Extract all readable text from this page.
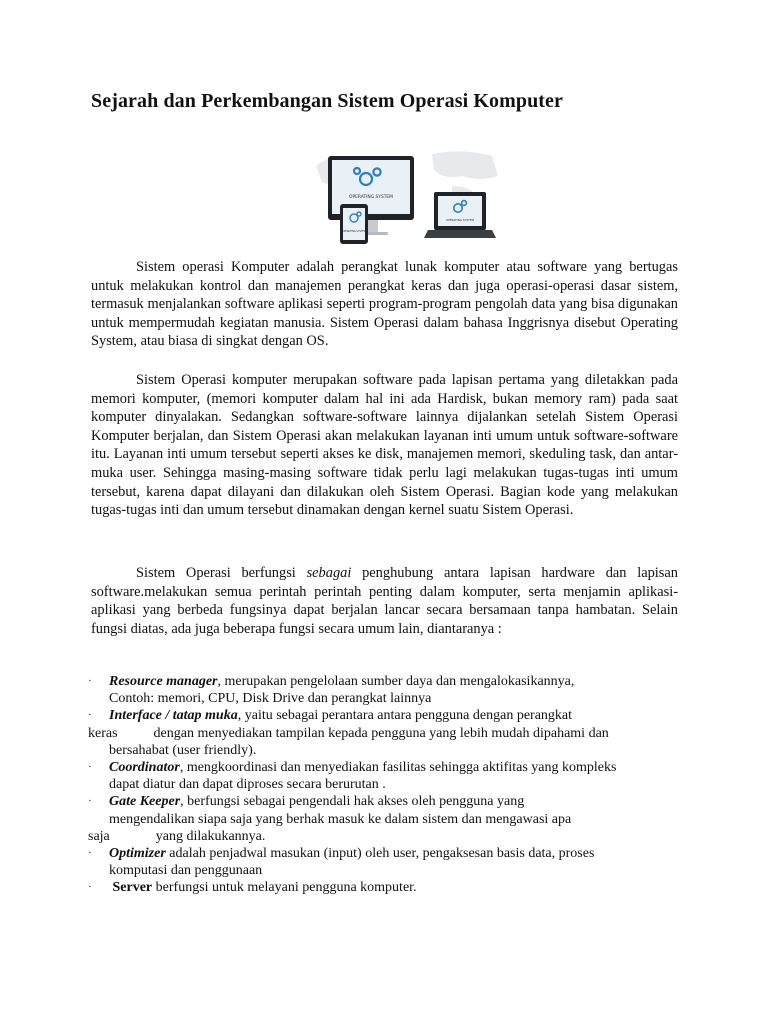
Sejarah dan Perkembangan Sistem Operasi Komputer
OPERATING SYSTEM
OPERATING SYSTEM
OPERATING SYSTEM

Sistem operasi Komputer adalah perangkat lunak komputer atau software yang bertugas untuk melakukan kontrol dan manajemen perangkat keras dan juga operasi-operasi dasar sistem, termasuk menjalankan software aplikasi seperti program-program pengolah data yang bisa digunakan untuk mempermudah kegiatan manusia. Sistem Operasi dalam bahasa Inggrisnya disebut Operating System, atau biasa di singkat dengan OS.

Sistem Operasi komputer merupakan software pada lapisan pertama yang diletakkan pada memori komputer, (memori komputer dalam hal ini ada Hardisk, bukan memory ram) pada saat komputer dinyalakan. Sedangkan software-software lainnya dijalankan setelah Sistem Operasi Komputer berjalan, dan Sistem Operasi akan melakukan layanan inti umum untuk software-software itu. Layanan inti umum tersebut seperti akses ke disk, manajemen memori, skeduling task, dan antar-muka user. Sehingga masing-masing software tidak perlu lagi melakukan tugas-tugas inti umum tersebut, karena dapat dilayani dan dilakukan oleh Sistem Operasi. Bagian kode yang melakukan tugas-tugas inti dan umum tersebut dinamakan dengan kernel suatu Sistem Operasi.

Sistem Operasi berfungsi sebagai penghubung antara lapisan hardware dan lapisan software.melakukan semua perintah perintah penting dalam komputer, serta menjamin aplikasi-aplikasi yang berbeda fungsinya dapat berjalan lancar secara bersamaan tanpa hambatan. Selain fungsi diatas, ada juga beberapa fungsi secara umum lain, diantaranya :

· Resource manager, merupakan pengelolaan sumber daya dan mengalokasikannya,
Contoh: memori, CPU, Disk Drive dan perangkat lainnya
· Interface / tatap muka, yaitu sebagai perantara antara pengguna dengan perangkat
keras	dengan menyediakan tampilan kepada pengguna yang lebih mudah dipahami dan
bersahabat (user friendly).
· Coordinator, mengkoordinasi dan menyediakan fasilitas sehingga aktifitas yang kompleks
dapat diatur dan dapat diproses secara berurutan .
· Gate Keeper, berfungsi sebagai pengendali hak akses oleh pengguna yang
mengendalikan siapa saja yang berhak masuk ke dalam sistem dan mengawasi apa
saja	yang dilakukannya.
· Optimizer adalah penjadwal masukan (input) oleh user, pengaksesan basis data, proses
komputasi dan penggunaan
· Server berfungsi untuk melayani pengguna komputer.
